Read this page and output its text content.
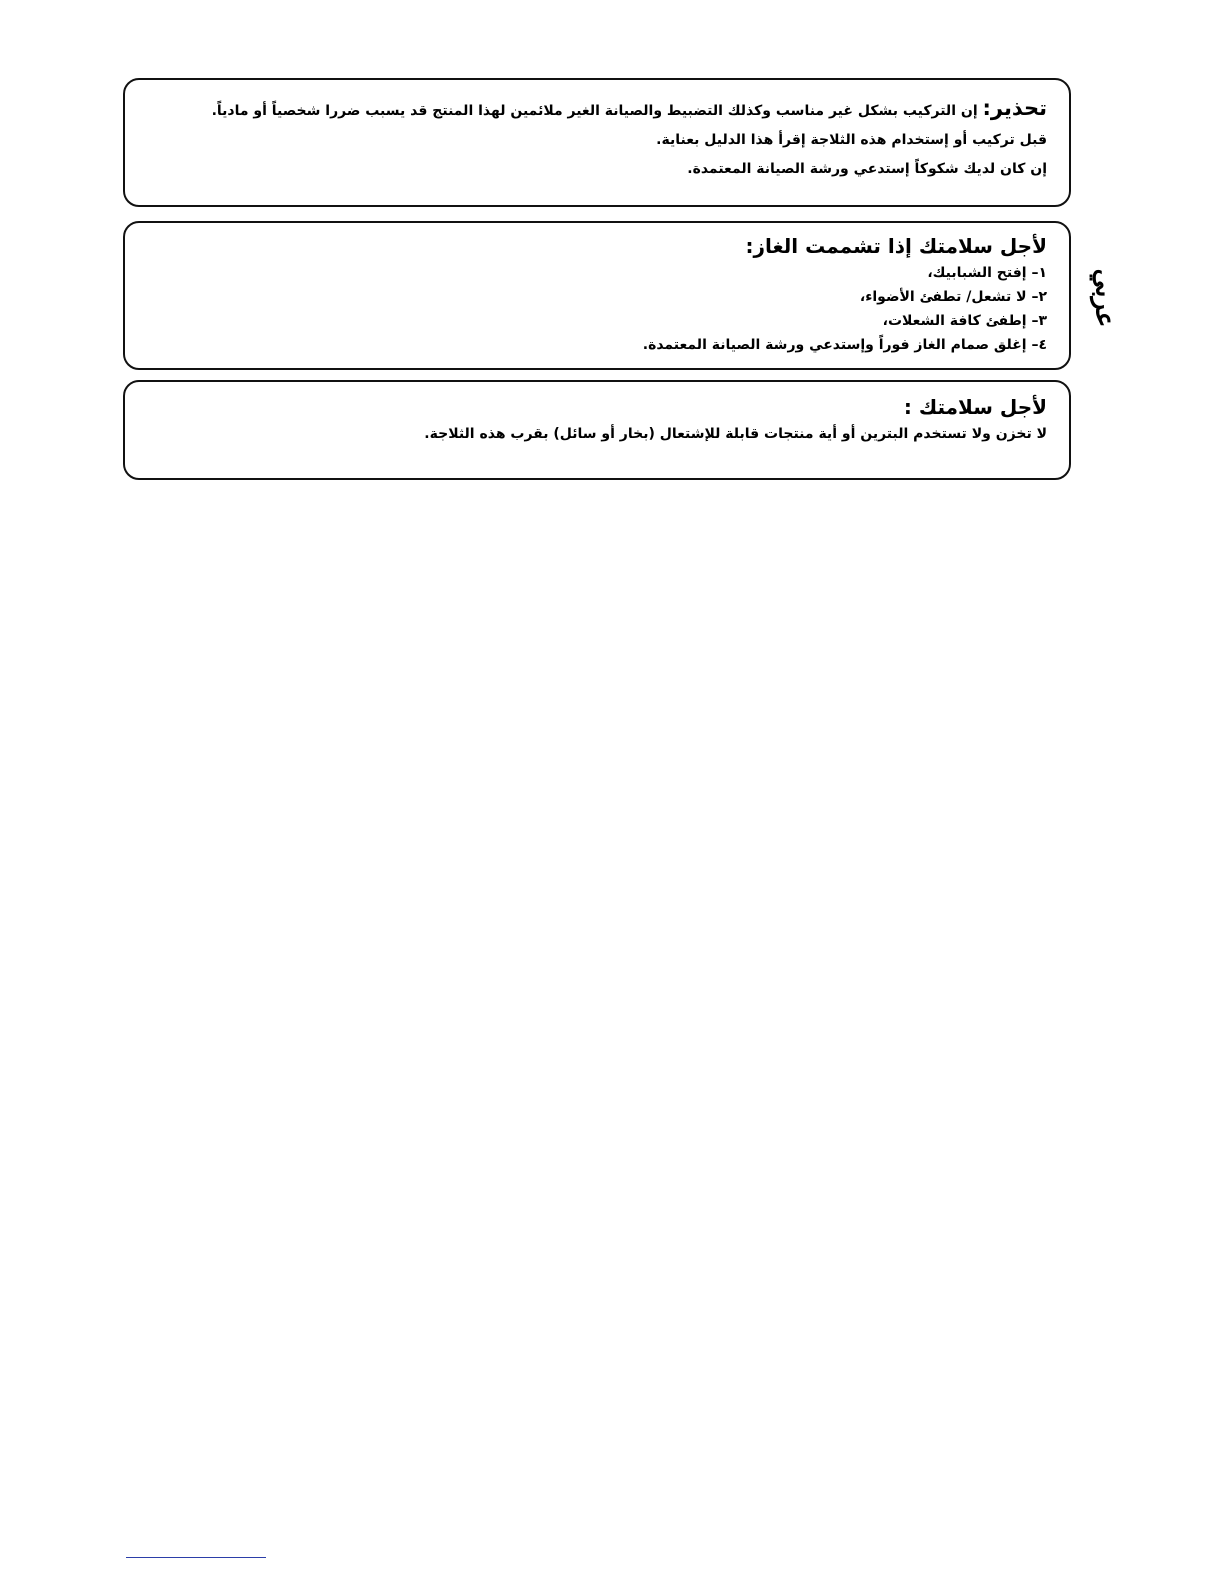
تحذير: إن التركيب بشكل غير مناسب وكذلك التضبيط والصيانة الغير ملائمين لهذا المنتج قد يسبب ضررا شخصياً أو مادياً.
قبل تركيب أو إستخدام هذه الثلاجة إقرأ هذا الدليل بعناية.
إن كان لديك شكوكاً إستدعي ورشة الصيانة المعتمدة.
لأجل سلامتك إذا تشممت الغاز:
١– إفتح الشبابيك،
٢– لا تشعل/ تطفئ الأضواء،
٣– إطفئ كافة الشعلات،
٤– إغلق صمام الغاز فوراً وإستدعي ورشة الصيانة المعتمدة.
لأجل سلامتك :
لا تخزن ولا تستخدم البترين أو أية منتجات قابلة للإشتعال (بخار أو سائل) بقرب هذه الثلاجة.
عربي
